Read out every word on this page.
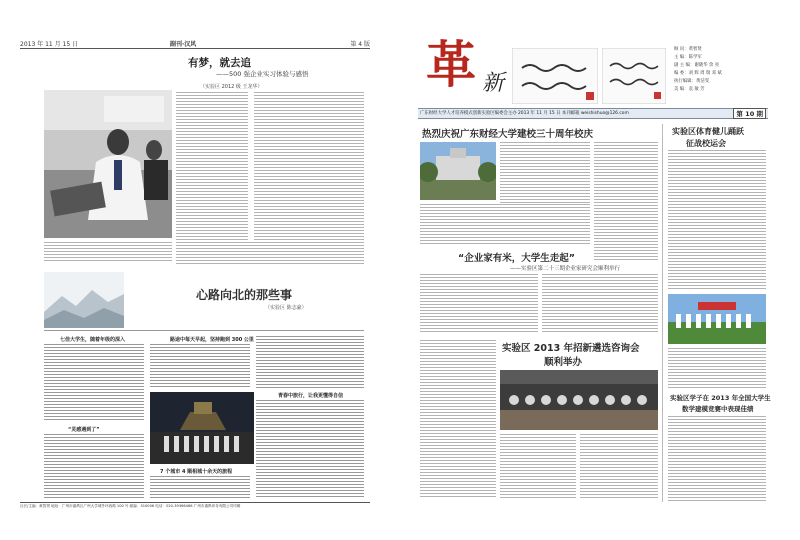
2013 年 11 月 15 日	副刊·汉风	第 4 版
有梦，就去追
——500 强企业实习体验与感悟
（实验区 2012 级 王龙华）
心路向北的那些事
（实验区 陈志豪）
七佳大学生，随着年级的深入	路途中每天早起，坚持跑到 300 公里
“灵感遇到了”
青春中旅行，让我更懂得自信
7 个城市 4 顺相城十余天的旅程
社长/主编：黄智贤 地址：广州市番禺区广州大学城外环西路 100 号 邮编：510006 电话：020-39366466 广州市番禺印务有限公司印刷
革 新
顾 问：黄智贤
主 编：陈学军
副 主 编：谢晓华 余 亮
编 委：刘 辉 周 瑞 邓 斌
执行编辑：黄洁雯
美 编：袁 敏 芳
广东财经大学人才培养模式创新实验区编委会主办 2013 年 11 月 15 日 本刊邮箱 weishishuo@126.com	第 10 期
热烈庆祝广东财经大学建校三十周年校庆
“企业家有米，大学生走起”
——实验区第二十三期企业家研究会顺利举行
实验区 2013 年招新遴选咨询会
顺利举办
实验区体育健儿踊跃
征战校运会
实验区学子在 2013 年全国大学生
数学建模竞赛中表现佳绩
